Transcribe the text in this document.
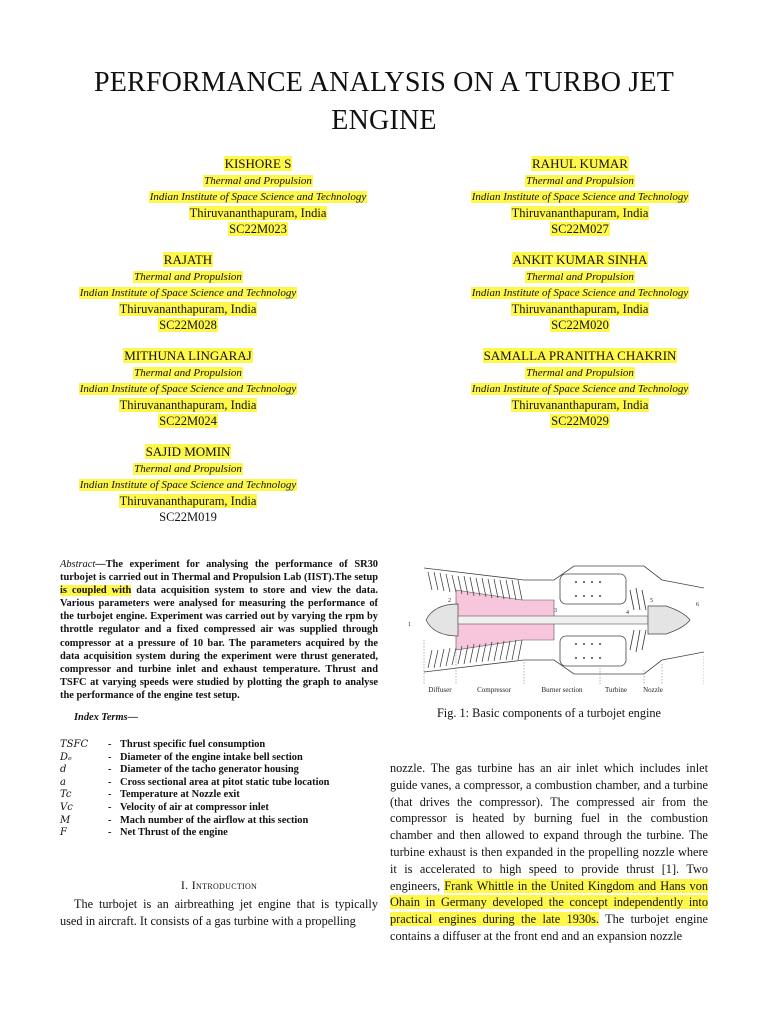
PERFORMANCE ANALYSIS ON A TURBO JET
ENGINE
KISHORE S
Thermal and Propulsion
Indian Institute of Space Science and Technology
Thiruvananthapuram, India
SC22M023
RAHUL KUMAR
Thermal and Propulsion
Indian Institute of Space Science and Technology
Thiruvananthapuram, India
SC22M027
RAJATH
Thermal and Propulsion
Indian Institute of Space Science and Technology
Thiruvananthapuram, India
SC22M028
ANKIT KUMAR SINHA
Thermal and Propulsion
Indian Institute of Space Science and Technology
Thiruvananthapuram, India
SC22M020
MITHUNA LINGARAJ
Thermal and Propulsion
Indian Institute of Space Science and Technology
Thiruvananthapuram, India
SC22M024
SAMALLA PRANITHA CHAKRIN
Thermal and Propulsion
Indian Institute of Space Science and Technology
Thiruvananthapuram, India
SC22M029
SAJID MOMIN
Thermal and Propulsion
Indian Institute of Space Science and Technology
Thiruvananthapuram, India
SC22M019
Abstract—The experiment for analysing the performance of SR30 turbojet is carried out in Thermal and Propulsion Lab (IIST).The setup is coupled with data acquisition system to store and view the data. Various parameters were analysed for measuring the performance of the turbojet engine. Experiment was carried out by varying the rpm by throttle regulator and a fixed compressed air was supplied through compressor at a pressure of 10 bar. The parameters acquired by the data acquisition system during the experiment were thrust generated, compressor and turbine inlet and exhaust temperature. Thrust and TSFC at varying speeds were studied by plotting the graph to analyse the performance of the engine test setup.
Index Terms—
TSFC	- Thrust specific fuel consumption
Dₑ	- Diameter of the engine intake bell section
d	- Diameter of the tacho generator housing
a	- Cross sectional area at pitot static tube location
Tc	- Temperature at Nozzle exit
Vc	- Velocity of air at compressor inlet
M	- Mach number of the airflow at this section
F	- Net Thrust of the engine
I. Introduction
The turbojet is an airbreathing jet engine that is typically used in aircraft. It consists of a gas turbine with a propelling
1
2
3	4
5
6
Diffuser	Compressor	Burner section	Turbine Nozzle
Fig. 1: Basic components of a turbojet engine
nozzle. The gas turbine has an air inlet which includes inlet guide vanes, a compressor, a combustion chamber, and a turbine (that drives the compressor). The compressed air from the compressor is heated by burning fuel in the combustion chamber and then allowed to expand through the turbine. The turbine exhaust is then expanded in the propelling nozzle where it is accelerated to high speed to provide thrust [1]. Two engineers, Frank Whittle in the United Kingdom and Hans von Ohain in Germany developed the concept independently into practical engines during the late 1930s. The turbojet engine contains a diffuser at the front end and an expansion nozzle
